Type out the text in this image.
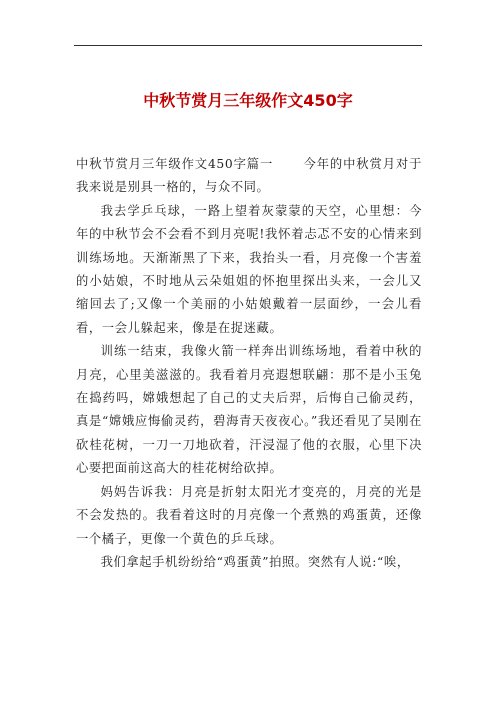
中秋节赏月三年级作文450字

中秋节赏月三年级作文450字篇一 今年的中秋赏月对于我来说是别具一格的，与众不同。

我去学乒乓球，一路上望着灰蒙蒙的天空，心里想：今年的中秋节会不会看不到月亮呢!我怀着忐忑不安的心情来到训练场地。天渐渐黑了下来，我抬头一看，月亮像一个害羞的小姑娘，不时地从云朵姐姐的怀抱里探出头来，一会儿又缩回去了;又像一个美丽的小姑娘戴着一层面纱，一会儿看看，一会儿躲起来，像是在捉迷藏。

训练一结束，我像火箭一样奔出训练场地，看着中秋的月亮，心里美滋滋的。我看着月亮遐想联翩：那不是小玉兔在捣药吗，嫦娥想起了自己的丈夫后羿，后悔自己偷灵药，真是“嫦娥应悔偷灵药，碧海青天夜夜心。”我还看见了吴刚在砍桂花树，一刀一刀地砍着，汗浸湿了他的衣服，心里下决心要把面前这高大的桂花树给砍掉。

妈妈告诉我：月亮是折射太阳光才变亮的，月亮的光是不会发热的。我看着这时的月亮像一个煮熟的鸡蛋黄，还像一个橘子，更像一个黄色的乒乓球。

我们拿起手机纷纷给“鸡蛋黄”拍照。突然有人说:“唉，
